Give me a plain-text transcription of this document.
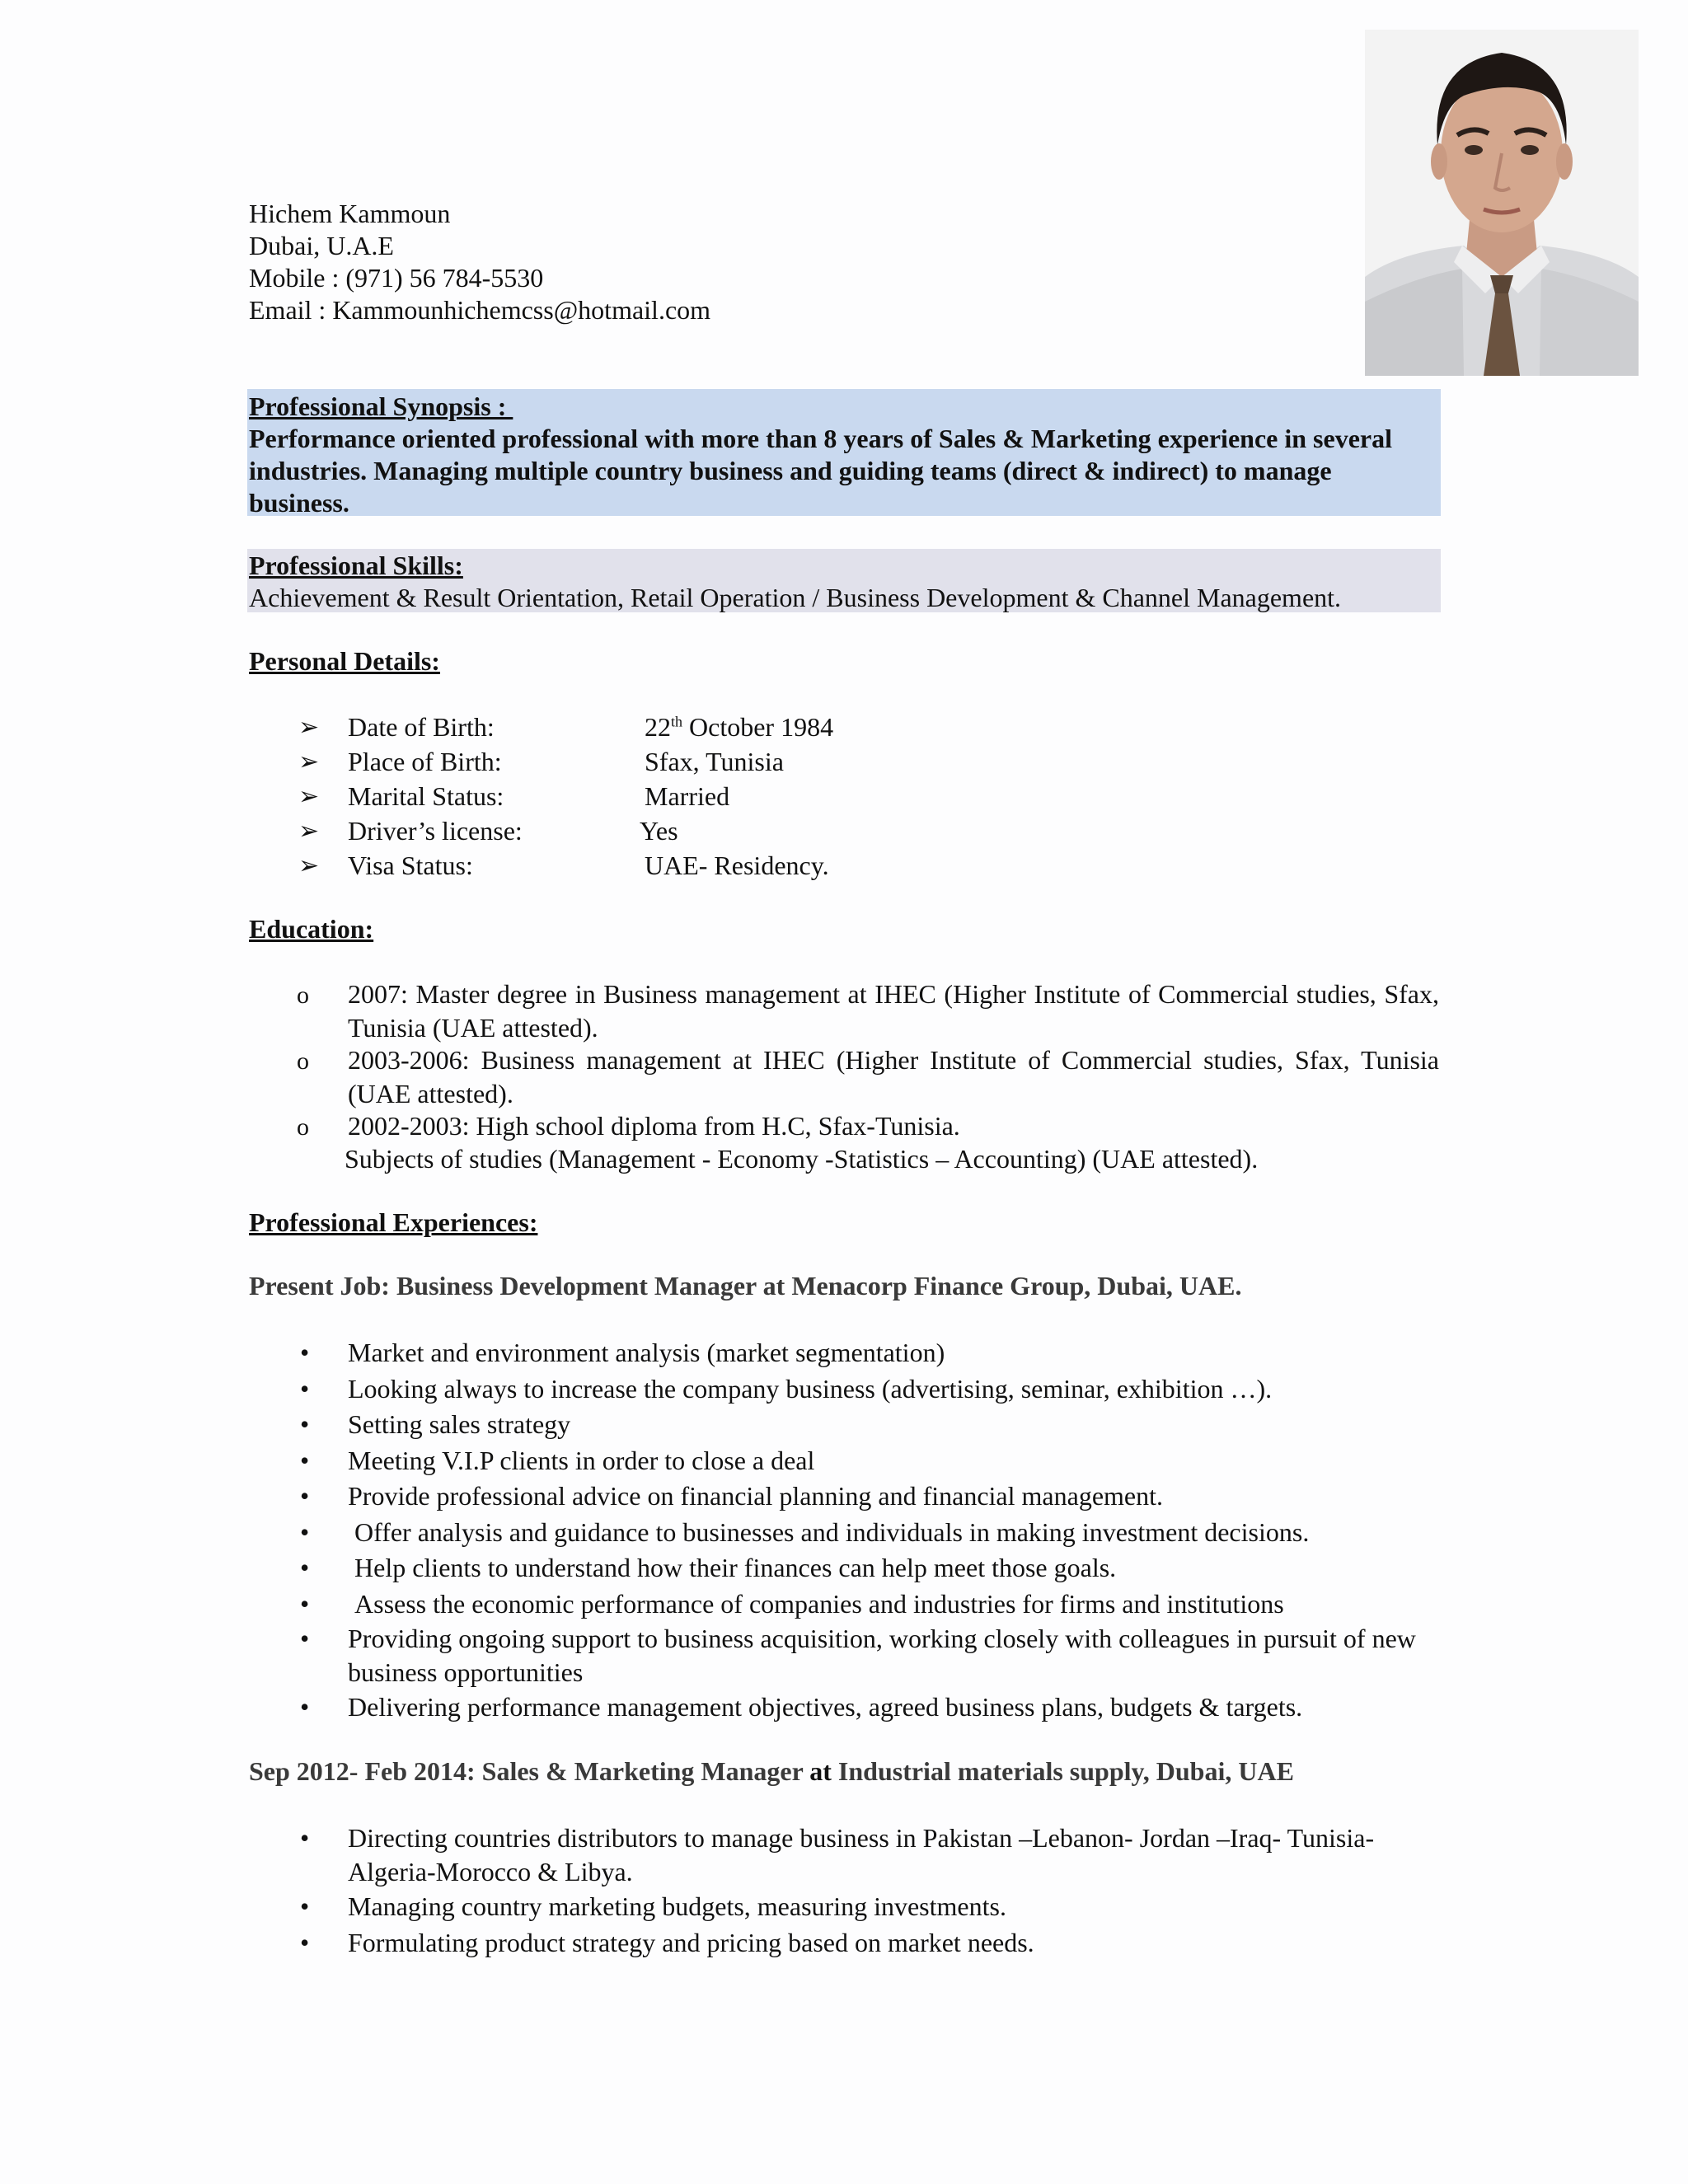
Hichem Kammoun
Dubai, U.A.E
Mobile : (971) 56 784-5530
Email : Kammounhichemcss@hotmail.com
Professional Synopsis :
Performance oriented professional with more than 8 years of Sales & Marketing experience in several industries. Managing multiple country business and guiding teams (direct & indirect) to manage business.
Professional Skills:
Achievement & Result Orientation, Retail Operation / Business Development & Channel Management.
Personal Details:
➢ Date of Birth:	22th October 1984
➢ Place of Birth:	Sfax, Tunisia
➢ Marital Status:	Married
➢ Driver’s license:	Yes
➢ Visa Status:	UAE- Residency.
Education:
o 2007: Master degree in Business management at IHEC (Higher Institute of Commercial studies, Sfax, Tunisia (UAE attested).
o 2003-2006: Business management at IHEC (Higher Institute of Commercial studies, Sfax, Tunisia (UAE attested).
o 2002-2003: High school diploma from H.C, Sfax-Tunisia.
Subjects of studies (Management - Economy -Statistics – Accounting) (UAE attested).
Professional Experiences:
Present Job: Business Development Manager at Menacorp Finance Group, Dubai, UAE.
• Market and environment analysis (market segmentation)
• Looking always to increase the company business (advertising, seminar, exhibition …).
• Setting sales strategy
• Meeting V.I.P clients in order to close a deal
• Provide professional advice on financial planning and financial management.
• Offer analysis and guidance to businesses and individuals in making investment decisions.
• Help clients to understand how their finances can help meet those goals.
• Assess the economic performance of companies and industries for firms and institutions
• Providing ongoing support to business acquisition, working closely with colleagues in pursuit of new business opportunities
• Delivering performance management objectives, agreed business plans, budgets & targets.
Sep 2012- Feb 2014: Sales & Marketing Manager at Industrial materials supply, Dubai, UAE
• Directing countries distributors to manage business in Pakistan –Lebanon- Jordan –Iraq- Tunisia-Algeria-Morocco & Libya.
• Managing country marketing budgets, measuring investments.
• Formulating product strategy and pricing based on market needs.
